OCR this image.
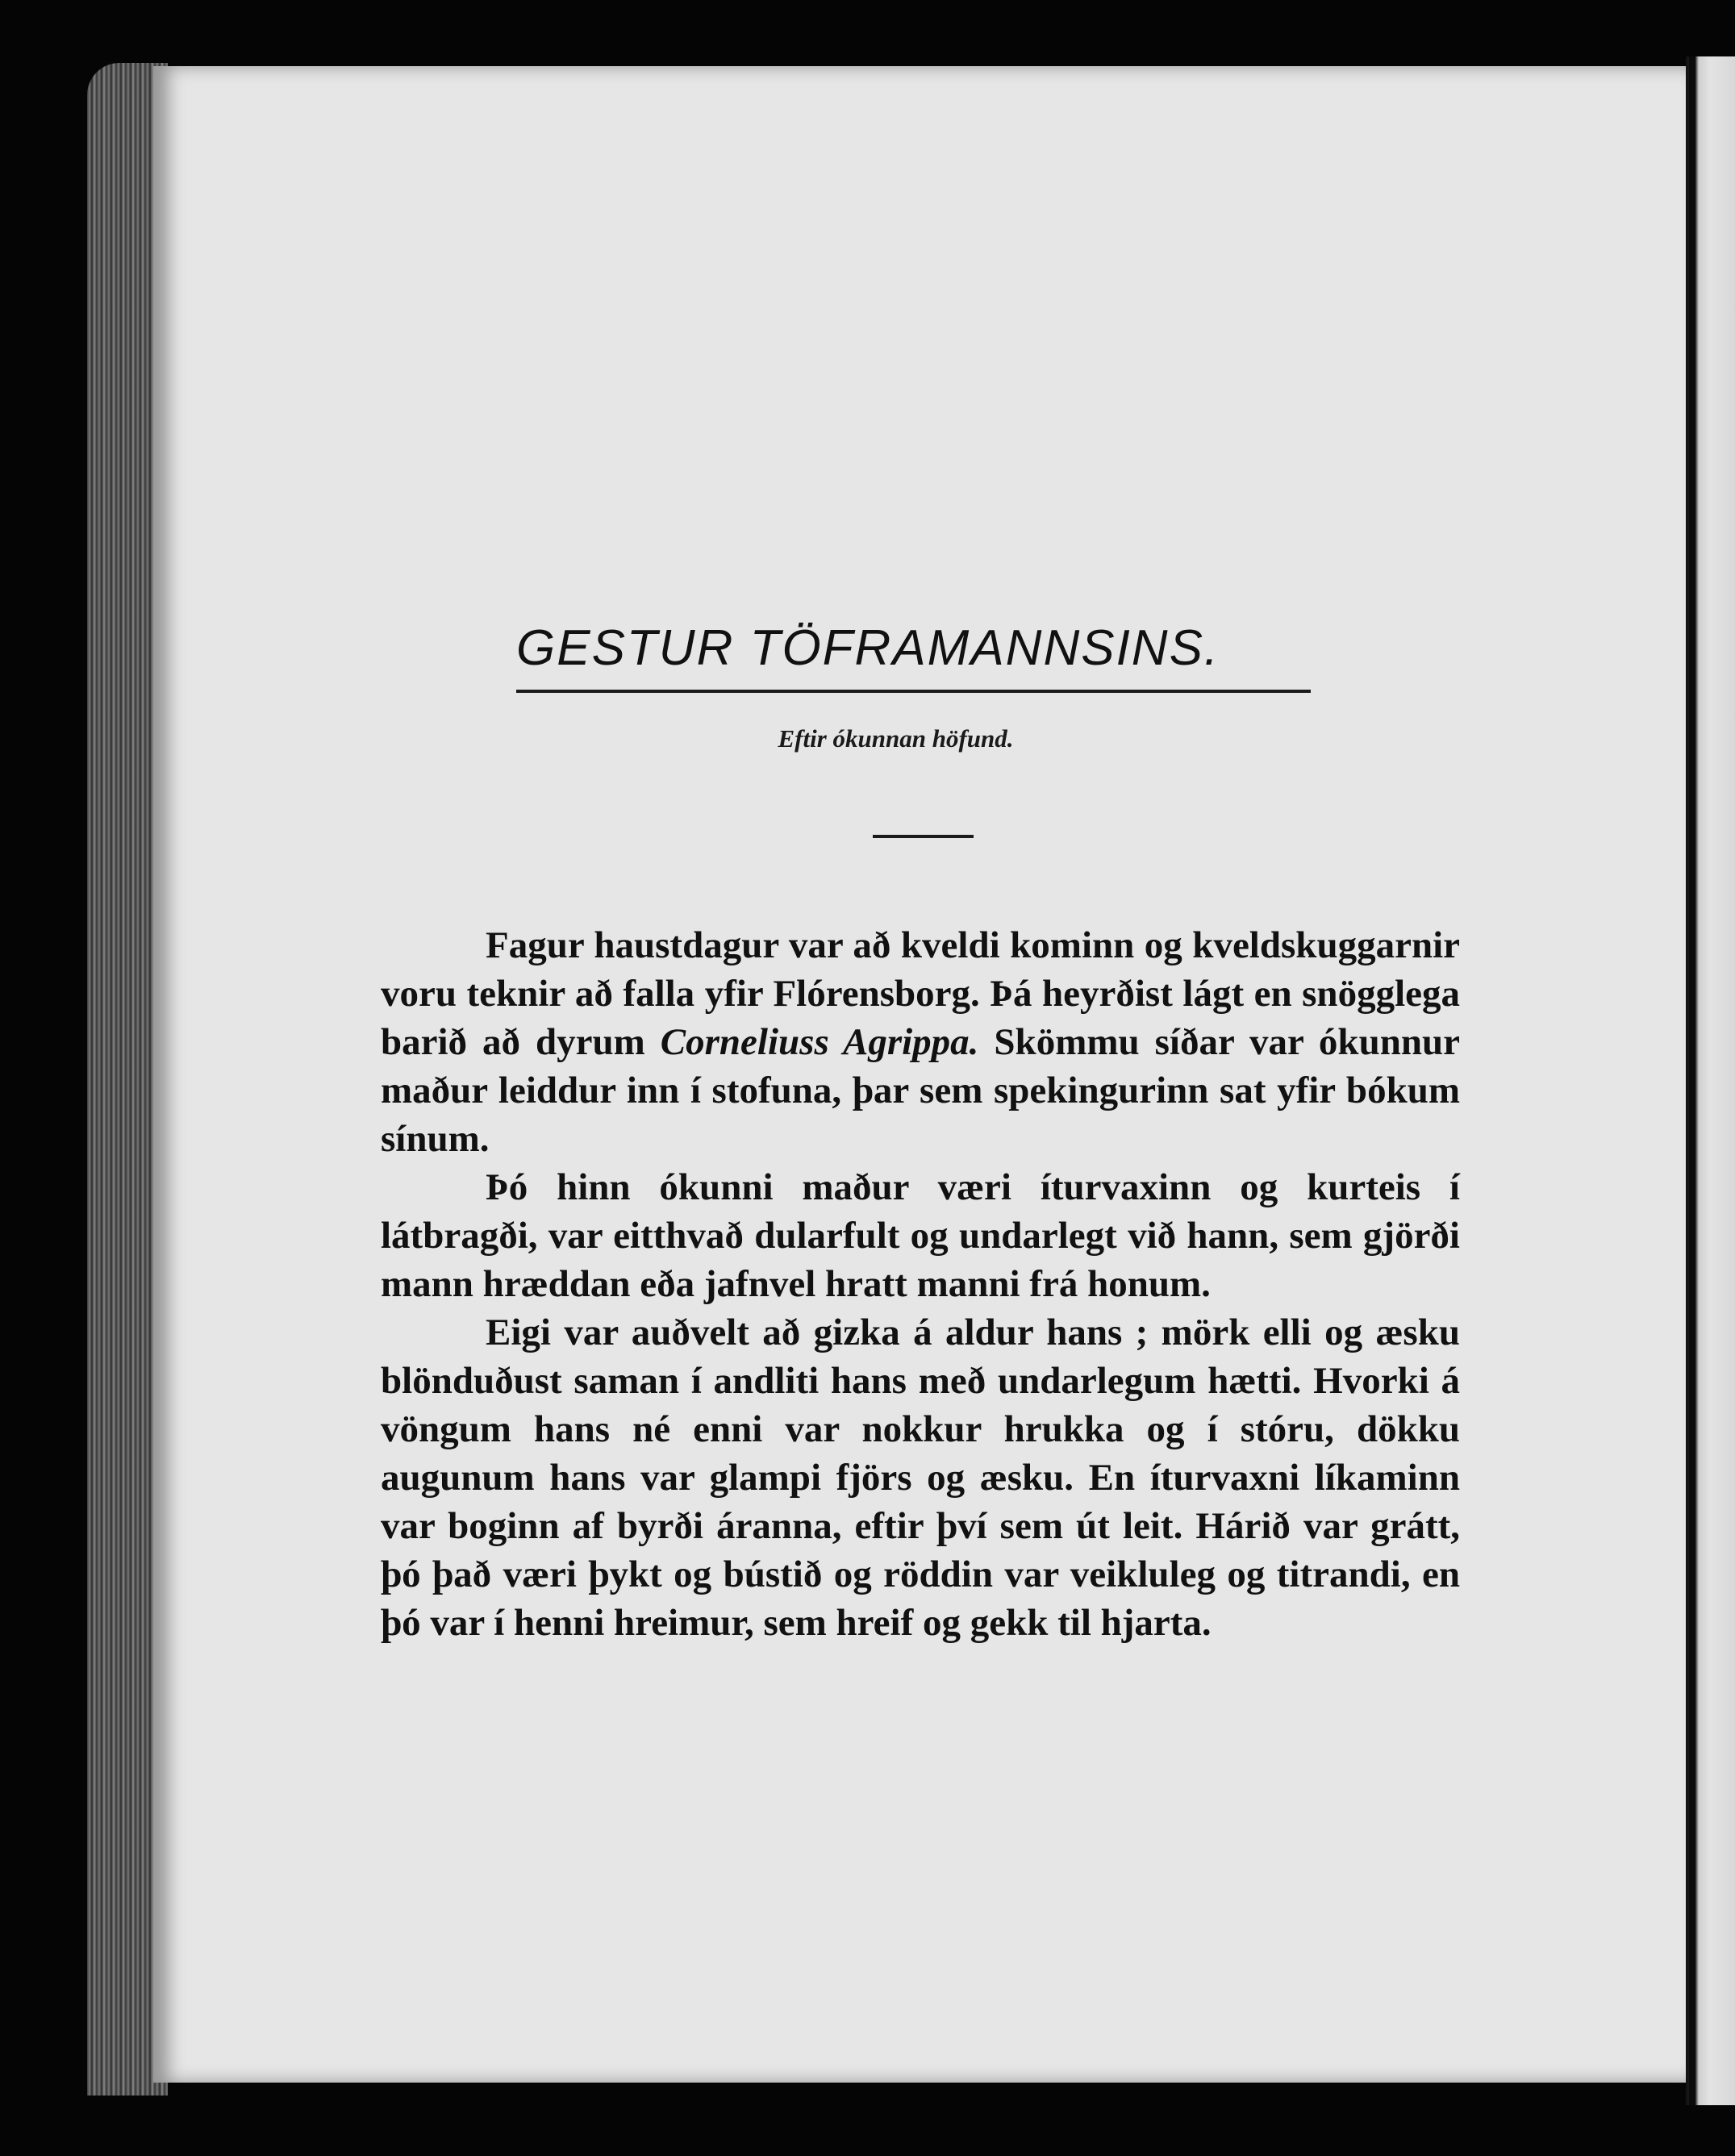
GESTUR TÖFRAMANNSINS.
Eftir ókunnan höfund.

Fagur haustdagur var að kveldi kominn og kveldskuggarnir voru teknir að falla yfir Flórensborg. Þá heyrðist lágt en snögglega barið að dyrum Corneliuss Agrippa. Skömmu síðar var ókunnur maður leiddur inn í stofuna, þar sem spekingurinn sat yfir bókum sínum.

Þó hinn ókunni maður væri íturvaxinn og kurteis í látbragði, var eitthvað dularfult og undarlegt við hann, sem gjörði mann hræddan eða jafnvel hratt manni frá honum.

Eigi var auðvelt að gizka á aldur hans ; mörk elli og æsku blönduðust saman í andliti hans með undarlegum hætti. Hvorki á vöngum hans né enni var nokkur hrukka og í stóru, dökku augunum hans var glampi fjörs og æsku. En íturvaxni líkaminn var boginn af byrði áranna, eftir því sem út leit. Hárið var grátt, þó það væri þykt og bústið og röddin var veikluleg og titrandi, en þó var í henni hreimur, sem hreif og gekk til hjarta.
